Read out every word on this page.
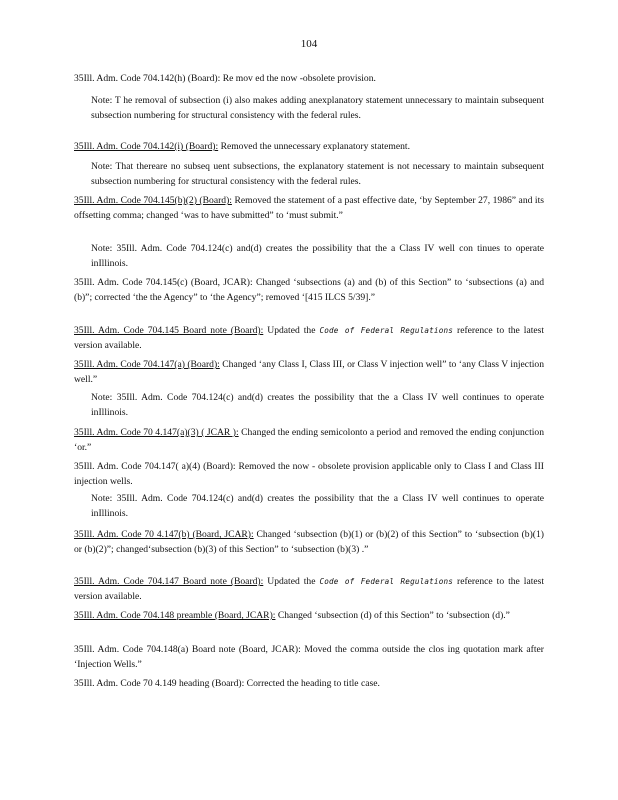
104
35Ill. Adm. Code 704.142(h) (Board): Re mov ed the now -obsolete provision.
Note: T he removal of subsection (i) also makes adding anexplanatory statement unnecessary to maintain subsequent subsection numbering for structural consistency with the federal rules.
35Ill. Adm. Code 704.142(i) (Board): Removed the unnecessary explanatory statement.
Note: That thereare no subseq uent subsections, the explanatory statement is not necessary to maintain subsequent subsection numbering for structural consistency with the federal rules.
35Ill. Adm. Code 704.145(b)(2) (Board): Removed the statement of a past effective date, ‘by September 27, 1986” and its offsetting comma; changed ‘was to have submitted” to ‘must submit.”
Note: 35Ill. Adm. Code 704.124(c) and(d) creates the possibility that the a Class IV well con tinues to operate inIllinois.
35Ill. Adm. Code 704.145(c) (Board, JCAR): Changed ‘subsections (a) and (b) of this Section” to ‘subsections (a) and (b)”; corrected ‘the the Agency” to ‘the Agency”; removed ‘[415 ILCS 5/39].”
35Ill. Adm. Code 704.145 Board note (Board): Updated the Code of Federal Regulations reference to the latest version available.
35Ill. Adm. Code 704.147(a) (Board): Changed ‘any Class I, Class III, or Class V injection well” to ‘any Class V injection well.”
Note: 35Ill. Adm. Code 704.124(c) and(d) creates the possibility that the a Class IV well continues to operate inIllinois.
35Ill. Adm. Code 70 4.147(a)(3) ( JCAR ): Changed the ending semicolonto a period and removed the ending conjunction ‘or.”
35Ill. Adm. Code 704.147( a)(4) (Board): Removed the now - obsolete provision applicable only to Class I and Class III injection wells.
Note: 35Ill. Adm. Code 704.124(c) and(d) creates the possibility that the a Class IV well continues to operate inIllinois.
35Ill. Adm. Code 70 4.147(b) (Board, JCAR): Changed ‘subsection (b)(1) or (b)(2) of this Section” to ‘subsection (b)(1) or (b)(2)”; changed‘subsection (b)(3) of this Section” to ‘subsection (b)(3) .”
35Ill. Adm. Code 704.147 Board note (Board): Updated the Code of Federal Regulations reference to the latest version available.
35Ill. Adm. Code 704.148 preamble (Board, JCAR): Changed ‘subsection (d) of this Section” to ‘subsection (d).”
35Ill. Adm. Code 704.148(a) Board note (Board, JCAR): Moved the comma outside the clos ing quotation mark after ‘Injection Wells.”
35Ill. Adm. Code 70 4.149 heading (Board): Corrected the heading to title case.
